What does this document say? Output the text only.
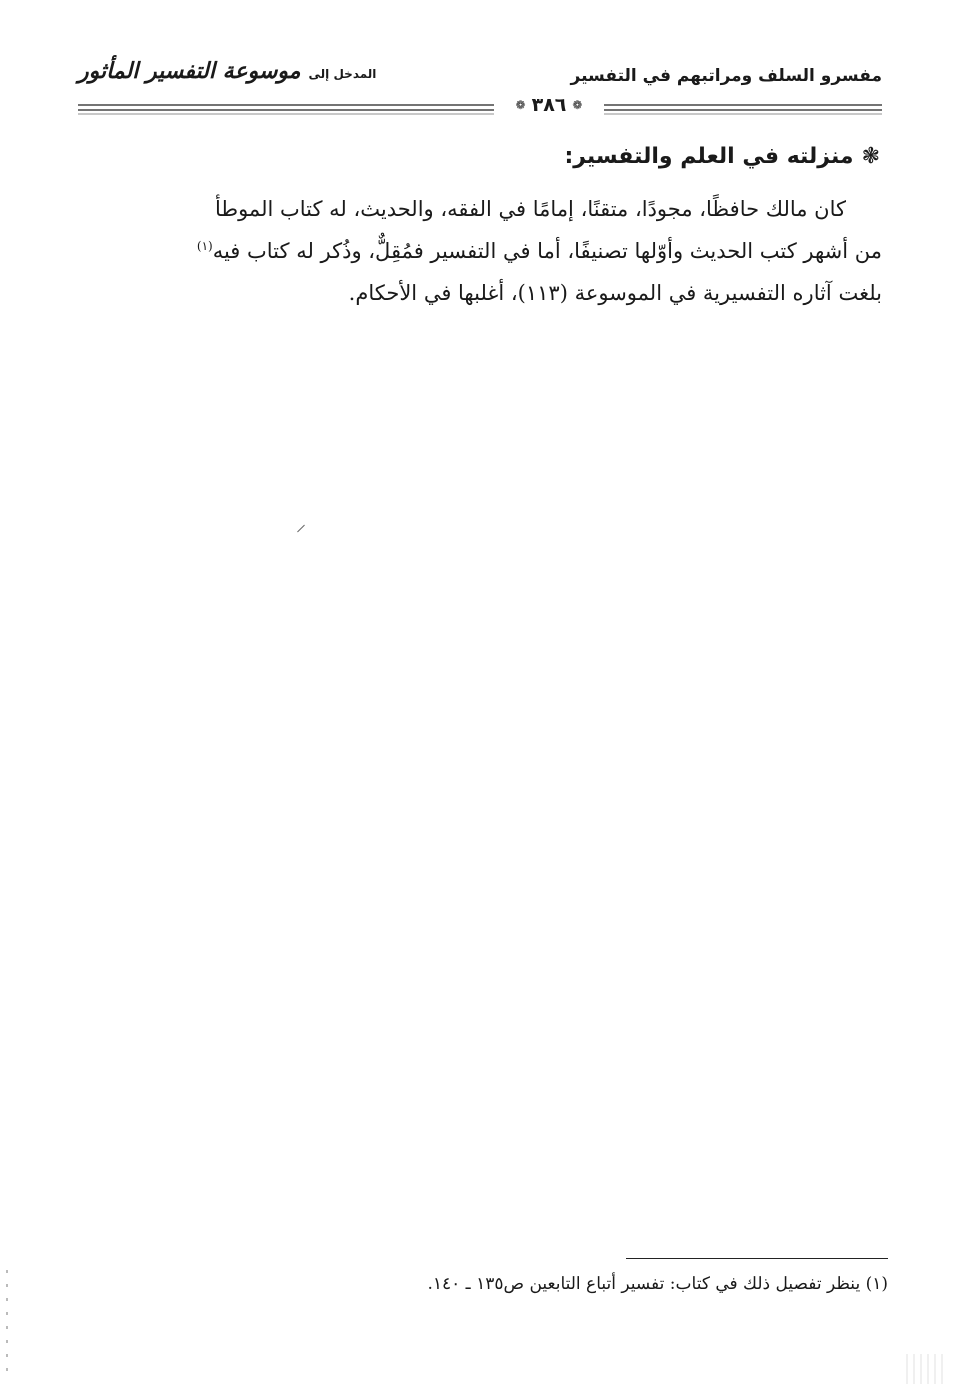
مفسرو السلف ومراتبهم في التفسير
المدخل إلى
موسوعة التفسير المأثور
❁ ٣٨٦ ❁
❃
منزلته في العلم والتفسير:
كان مالك حافظًا، مجودًا، متقنًا، إمامًا في الفقه، والحديث، له كتاب الموطأ
من أشهر كتب الحديث وأوّلها تصنيفًا، أما في التفسير فمُقِلٌّ، وذُكر له كتاب فيه$^{(١)}$
بلغت آثاره التفسيرية في الموسوعة (١١٣)، أغلبها في الأحكام.
(١) ينظر تفصيل ذلك في كتاب: تفسير أتباع التابعين ص١٣٥ ـ ١٤٠.
